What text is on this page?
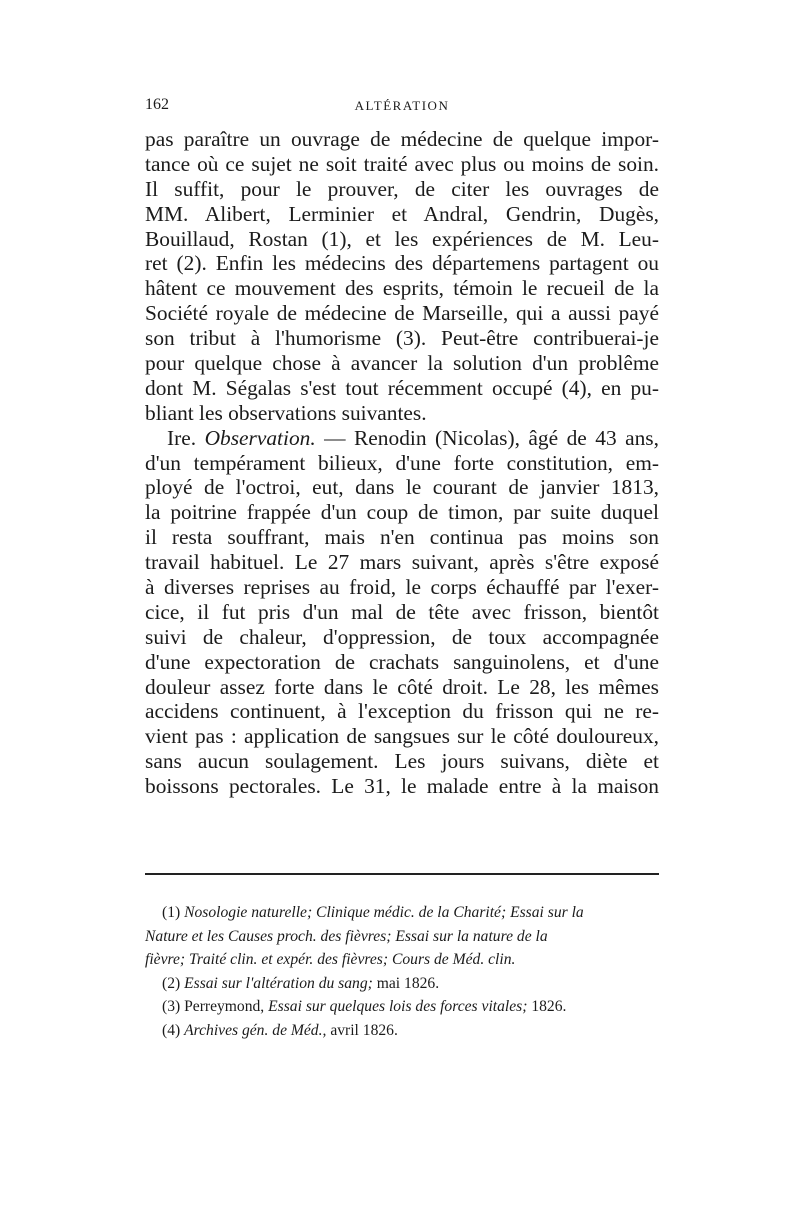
162	ALTÉRATION
pas paraître un ouvrage de médecine de quelque impor-
tance où ce sujet ne soit traité avec plus ou moins de soin.
Il suffit, pour le prouver, de citer les ouvrages de
MM. Alibert, Lerminier et Andral, Gendrin, Dugès,
Bouillaud, Rostan (1), et les expériences de M. Leu-
ret (2). Enfin les médecins des départemens partagent ou
hâtent ce mouvement des esprits, témoin le recueil de la
Société royale de médecine de Marseille, qui a aussi payé
son tribut à l'humorisme (3). Peut-être contribuerai-je
pour quelque chose à avancer la solution d'un problême
dont M. Ségalas s'est tout récemment occupé (4), en pu-
bliant les observations suivantes.
Ire. Observation. — Renodin (Nicolas), âgé de 43 ans,
d'un tempérament bilieux, d'une forte constitution, em-
ployé de l'octroi, eut, dans le courant de janvier 1813,
la poitrine frappée d'un coup de timon, par suite duquel
il resta souffrant, mais n'en continua pas moins son
travail habituel. Le 27 mars suivant, après s'être exposé
à diverses reprises au froid, le corps échauffé par l'exer-
cice, il fut pris d'un mal de tête avec frisson, bientôt
suivi de chaleur, d'oppression, de toux accompagnée
d'une expectoration de crachats sanguinolens, et d'une
douleur assez forte dans le côté droit. Le 28, les mêmes
accidens continuent, à l'exception du frisson qui ne re-
vient pas : application de sangsues sur le côté douloureux,
sans aucun soulagement. Les jours suivans, diète et
boissons pectorales. Le 31, le malade entre à la maison
(1) Nosologie naturelle; Clinique médic. de la Charité; Essai sur la
Nature et les Causes proch. des fièvres; Essai sur la nature de la
fièvre; Traité clin. et expér. des fièvres; Cours de Méd. clin.
(2) Essai sur l'altération du sang; mai 1826.
(3) Perreymond, Essai sur quelques lois des forces vitales; 1826.
(4) Archives gén. de Méd., avril 1826.
